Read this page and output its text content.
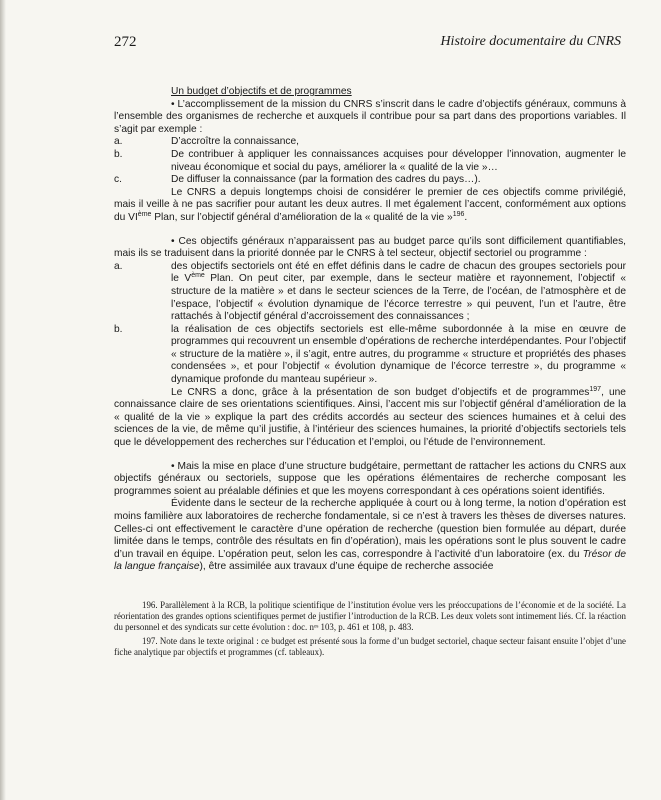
272	Histoire documentaire du CNRS

Un budget d’objectifs et de programmes

• L’accomplissement de la mission du CNRS s’inscrit dans le cadre d’objectifs généraux, communs à l’ensemble des organismes de recherche et auxquels il contribue pour sa part dans des proportions variables. Il s’agit par exemple :

a.	D’accroître la connaissance,

b.	De contribuer à appliquer les connaissances acquises pour développer l’innovation, augmenter le niveau économique et social du pays, améliorer la « qualité de la vie »…

c.	De diffuser la connaissance (par la formation des cadres du pays…).

Le CNRS a depuis longtemps choisi de considérer le premier de ces objectifs comme privilégié, mais il veille à ne pas sacrifier pour autant les deux autres. Il met également l’accent, conformément aux options du VIème Plan, sur l’objectif général d’amélioration de la « qualité de la vie »$^{196}$.

• Ces objectifs généraux n’apparaissent pas au budget parce qu’ils sont difficilement quantifiables, mais ils se traduisent dans la priorité donnée par le CNRS à tel secteur, objectif sectoriel ou programme :

a.	des objectifs sectoriels ont été en effet définis dans le cadre de chacun des groupes sectoriels pour le Vème Plan. On peut citer, par exemple, dans le secteur matière et rayonnement, l’objectif « structure de la matière » et dans le secteur sciences de la Terre, de l’océan, de l’atmosphère et de l’espace, l’objectif « évolution dynamique de l’écorce terrestre » qui peuvent, l’un et l’autre, être rattachés à l’objectif général d’accroissement des connaissances ;

b.	la réalisation de ces objectifs sectoriels est elle-même subordonnée à la mise en œuvre de programmes qui recouvrent un ensemble d’opérations de recherche interdépendantes. Pour l’objectif « structure de la matière », il s’agit, entre autres, du programme « structure et propriétés des phases condensées », et pour l’objectif « évolution dynamique de l’écorce terrestre », du programme « dynamique profonde du manteau supérieur ».

Le CNRS a donc, grâce à la présentation de son budget d’objectifs et de programmes$^{197}$, une connaissance claire de ses orientations scientifiques. Ainsi, l’accent mis sur l’objectif général d’amélioration de la « qualité de la vie » explique la part des crédits accordés au secteur des sciences humaines et à celui des sciences de la vie, de même qu’il justifie, à l’intérieur des sciences humaines, la priorité d’objectifs sectoriels tels que le développement des recherches sur l’éducation et l’emploi, ou l’étude de l’environnement.

• Mais la mise en place d’une structure budgétaire, permettant de rattacher les actions du CNRS aux objectifs généraux ou sectoriels, suppose que les opérations élémentaires de recherche composant les programmes soient au préalable définies et que les moyens correspondant à ces opérations soient identifiés.

Évidente dans le secteur de la recherche appliquée à court ou à long terme, la notion d’opération est moins familière aux laboratoires de recherche fondamentale, si ce n’est à travers les thèses de diverses natures. Celles-ci ont effectivement le caractère d’une opération de recherche (question bien formulée au départ, durée limitée dans le temps, contrôle des résultats en fin d’opération), mais les opérations sont le plus souvent le cadre d’un travail en équipe. L’opération peut, selon les cas, correspondre à l’activité d’un laboratoire (ex. du Trésor de la langue française), être assimilée aux travaux d’une équipe de recherche associée

196. Parallèlement à la RCB, la politique scientifique de l’institution évolue vers les préoccupations de l’économie et de la société. La réorientation des grandes options scientifiques permet de justifier l’introduction de la RCB. Les deux volets sont intimement liés. Cf. la réaction du personnel et des syndicats sur cette évolution : doc. nᵒˢ 103, p. 461 et 108, p. 483.

197. Note dans le texte original : ce budget est présenté sous la forme d’un budget sectoriel, chaque secteur faisant ensuite l’objet d’une fiche analytique par objectifs et programmes (cf. tableaux).
